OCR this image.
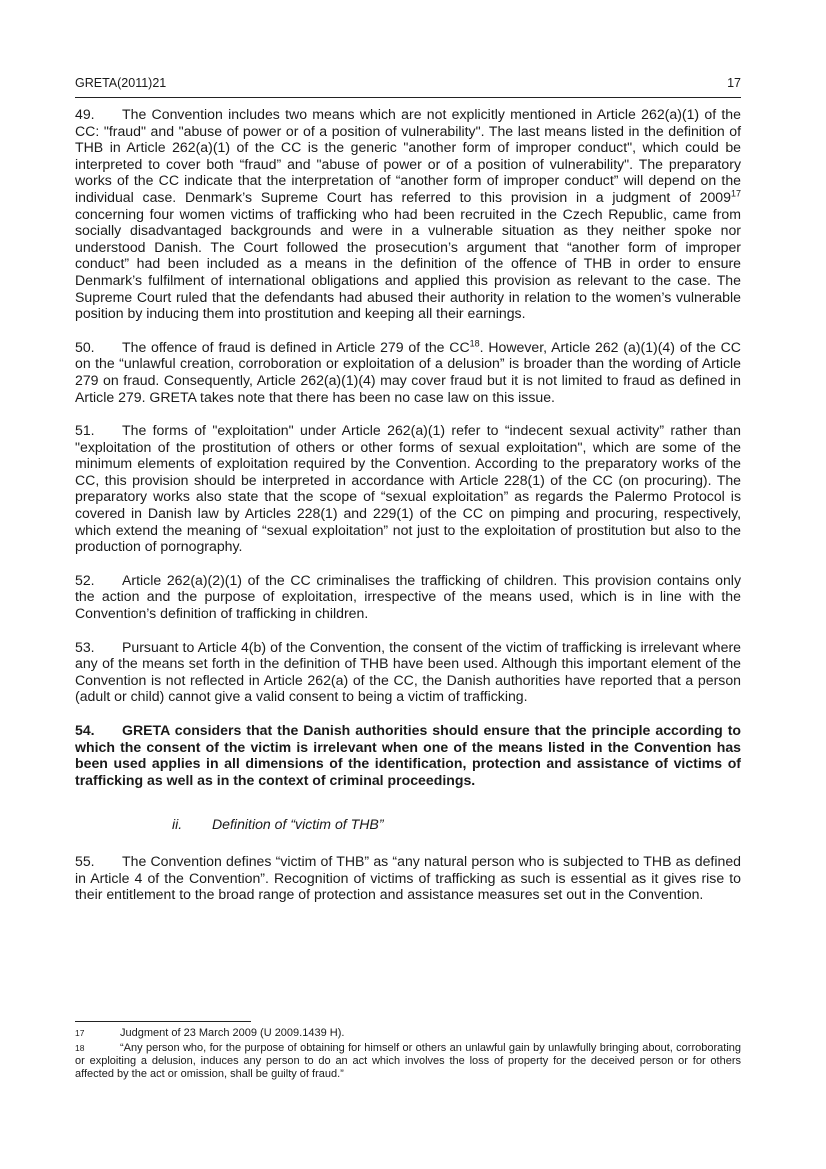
GRETA(2011)21	17

49. The Convention includes two means which are not explicitly mentioned in Article 262(a)(1) of the CC: "fraud" and "abuse of power or of a position of vulnerability". The last means listed in the definition of THB in Article 262(a)(1) of the CC is the generic "another form of improper conduct", which could be interpreted to cover both “fraud” and "abuse of power or of a position of vulnerability". The preparatory works of the CC indicate that the interpretation of “another form of improper conduct” will depend on the individual case. Denmark’s Supreme Court has referred to this provision in a judgment of 2009$^{17}$ concerning four women victims of trafficking who had been recruited in the Czech Republic, came from socially disadvantaged backgrounds and were in a vulnerable situation as they neither spoke nor understood Danish. The Court followed the prosecution’s argument that “another form of improper conduct” had been included as a means in the definition of the offence of THB in order to ensure Denmark’s fulfilment of international obligations and applied this provision as relevant to the case. The Supreme Court ruled that the defendants had abused their authority in relation to the women’s vulnerable position by inducing them into prostitution and keeping all their earnings.

50. The offence of fraud is defined in Article 279 of the CC$^{18}$. However, Article 262 (a)(1)(4) of the CC on the “unlawful creation, corroboration or exploitation of a delusion” is broader than the wording of Article 279 on fraud. Consequently, Article 262(a)(1)(4) may cover fraud but it is not limited to fraud as defined in Article 279. GRETA takes note that there has been no case law on this issue.

51. The forms of "exploitation" under Article 262(a)(1) refer to “indecent sexual activity” rather than "exploitation of the prostitution of others or other forms of sexual exploitation", which are some of the minimum elements of exploitation required by the Convention. According to the preparatory works of the CC, this provision should be interpreted in accordance with Article 228(1) of the CC (on procuring). The preparatory works also state that the scope of “sexual exploitation” as regards the Palermo Protocol is covered in Danish law by Articles 228(1) and 229(1) of the CC on pimping and procuring, respectively, which extend the meaning of “sexual exploitation” not just to the exploitation of prostitution but also to the production of pornography.

52. Article 262(a)(2)(1) of the CC criminalises the trafficking of children. This provision contains only the action and the purpose of exploitation, irrespective of the means used, which is in line with the Convention’s definition of trafficking in children.

53. Pursuant to Article 4(b) of the Convention, the consent of the victim of trafficking is irrelevant where any of the means set forth in the definition of THB have been used. Although this important element of the Convention is not reflected in Article 262(a) of the CC, the Danish authorities have reported that a person (adult or child) cannot give a valid consent to being a victim of trafficking.

54. GRETA considers that the Danish authorities should ensure that the principle according to which the consent of the victim is irrelevant when one of the means listed in the Convention has been used applies in all dimensions of the identification, protection and assistance of victims of trafficking as well as in the context of criminal proceedings.

ii. Definition of “victim of THB”

55. The Convention defines “victim of THB” as “any natural person who is subjected to THB as defined in Article 4 of the Convention”. Recognition of victims of trafficking as such is essential as it gives rise to their entitlement to the broad range of protection and assistance measures set out in the Convention.

17	Judgment of 23 March 2009 (U 2009.1439 H).

18	“Any person who, for the purpose of obtaining for himself or others an unlawful gain by unlawfully bringing about, corroborating or exploiting a delusion, induces any person to do an act which involves the loss of property for the deceived person or for others affected by the act or omission, shall be guilty of fraud.”
